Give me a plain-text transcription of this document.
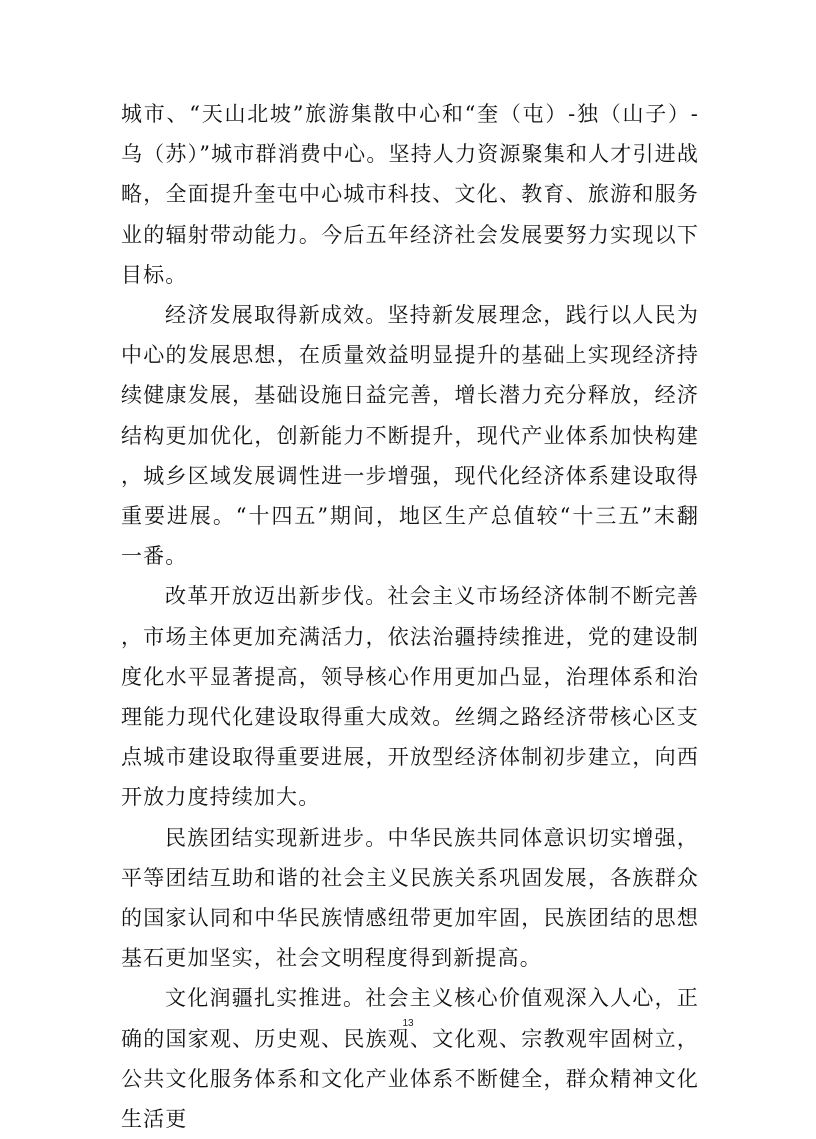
城市、“天山北坡”旅游集散中心和“奎（屯）-独（山子）-乌（苏）”城市群消费中心。坚持人力资源聚集和人才引进战略，全面提升奎屯中心城市科技、文化、教育、旅游和服务业的辐射带动能力。今后五年经济社会发展要努力实现以下目标。

经济发展取得新成效。坚持新发展理念，践行以人民为中心的发展思想，在质量效益明显提升的基础上实现经济持续健康发展，基础设施日益完善，增长潜力充分释放，经济结构更加优化，创新能力不断提升，现代产业体系加快构建，城乡区域发展调性进一步增强，现代化经济体系建设取得重要进展。“十四五”期间，地区生产总值较“十三五”末翻一番。

改革开放迈出新步伐。社会主义市场经济体制不断完善，市场主体更加充满活力，依法治疆持续推进，党的建设制度化水平显著提高，领导核心作用更加凸显，治理体系和治理能力现代化建设取得重大成效。丝绸之路经济带核心区支点城市建设取得重要进展，开放型经济体制初步建立，向西开放力度持续加大。

民族团结实现新进步。中华民族共同体意识切实增强，平等团结互助和谐的社会主义民族关系巩固发展，各族群众的国家认同和中华民族情感纽带更加牢固，民族团结的思想基石更加坚实，社会文明程度得到新提高。

文化润疆扎实推进。社会主义核心价值观深入人心，正确的国家观、历史观、民族观、文化观、宗教观牢固树立，公共文化服务体系和文化产业体系不断健全，群众精神文化生活更

13
